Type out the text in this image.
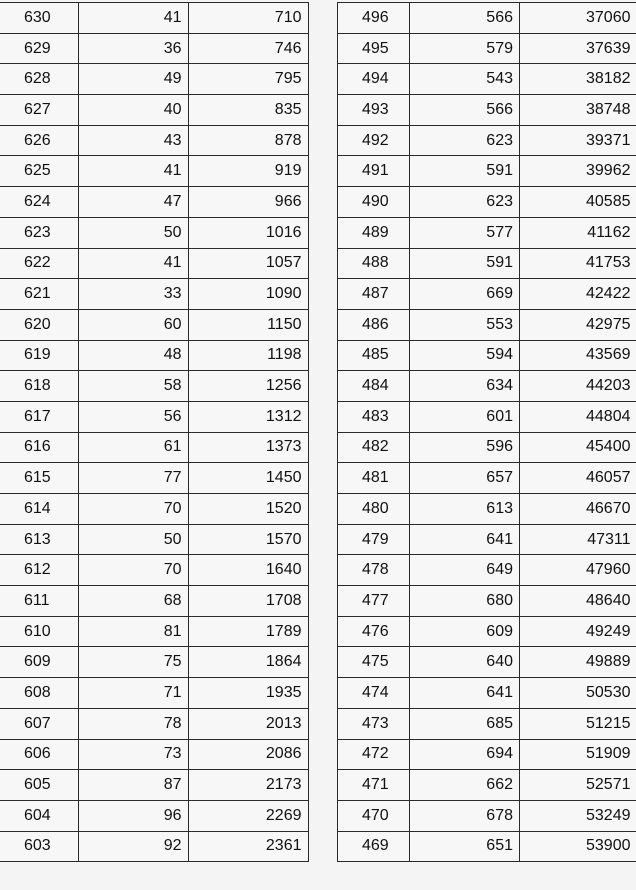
630	41	710
629	36	746
628	49	795
627	40	835
626	43	878
625	41	919
624	47	966
623	50	1016
622	41	1057
621	33	1090
620	60	1150
619	48	1198
618	58	1256
617	56	1312
616	61	1373
615	77	1450
614	70	1520
613	50	1570
612	70	1640
611	68	1708
610	81	1789
609	75	1864
608	71	1935
607	78	2013
606	73	2086
605	87	2173
604	96	2269
603	92	2361
496	566	37060
495	579	37639
494	543	38182
493	566	38748
492	623	39371
491	591	39962
490	623	40585
489	577	41162
488	591	41753
487	669	42422
486	553	42975
485	594	43569
484	634	44203
483	601	44804
482	596	45400
481	657	46057
480	613	46670
479	641	47311
478	649	47960
477	680	48640
476	609	49249
475	640	49889
474	641	50530
473	685	51215
472	694	51909
471	662	52571
470	678	53249
469	651	53900
